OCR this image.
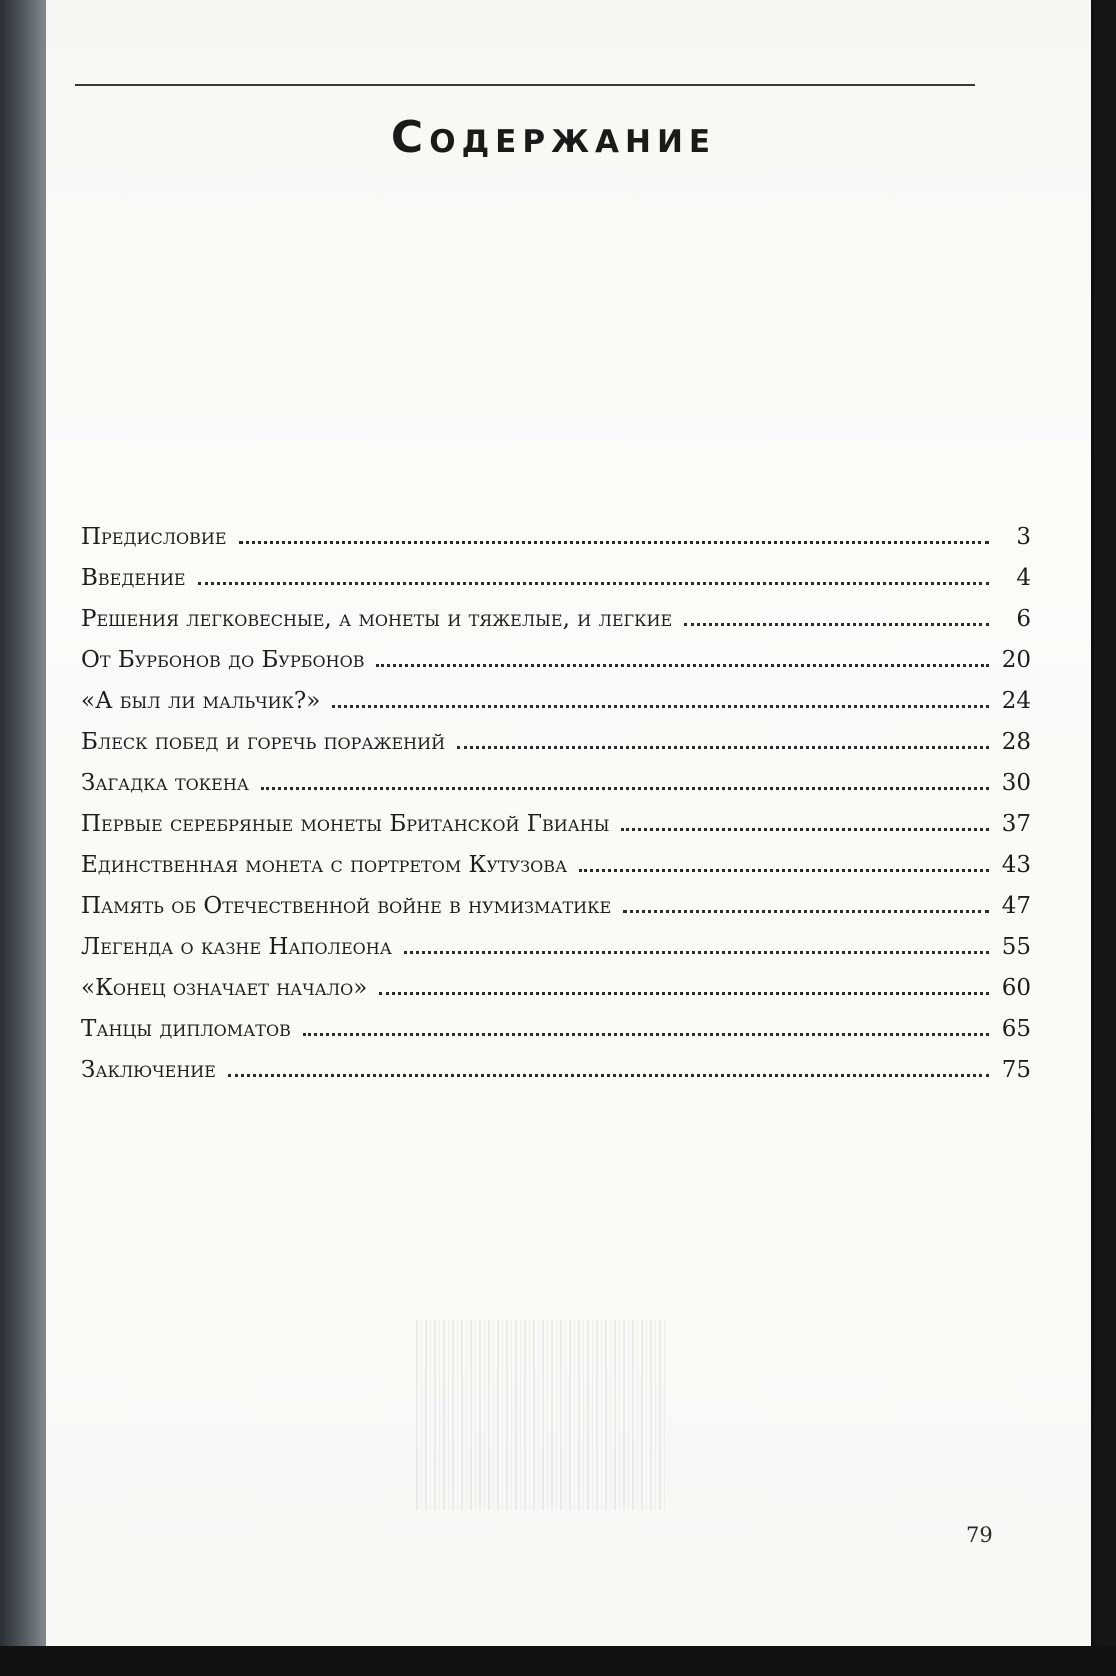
Содержание
Предисловие	3
Введение	4
Решения легковесные, а монеты и тяжелые, и легкие	6
От Бурбонов до Бурбонов	20
«А был ли мальчик?»	24
Блеск побед и горечь поражений	28
Загадка токена	30
Первые серебряные монеты Британской Гвианы	37
Единственная монета с портретом Кутузова	43
Память об Отечественной войне в нумизматике	47
Легенда о казне Наполеона	55
«Конец означает начало»	60
Танцы дипломатов	65
Заключение	75
79
